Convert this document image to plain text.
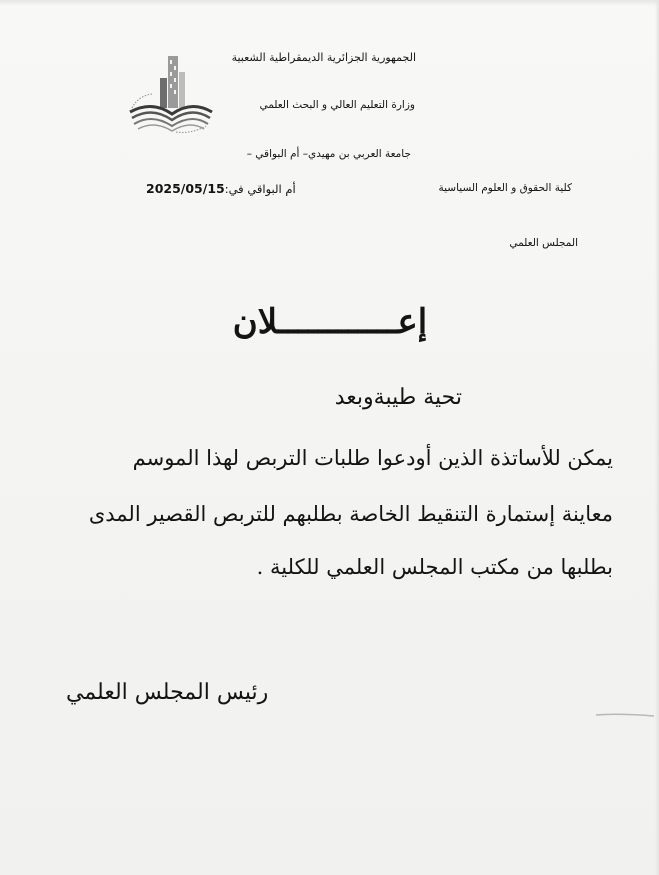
الجمهورية الجزائرية الديمقراطية الشعبية
وزارة التعليم العالي و البحث العلمي
جامعة العربي بن مهيدي– أم البواقي –
كلية الحقوق و العلوم السياسية
أم البواقي في:2025/05/15
المجلس العلمي
إعــــــــــــلان
تحية طيبةوبعد
يمكن للأساتذة الذين أودعوا طلبات التربص لهذا الموسم
معاينة إستمارة التنقيط الخاصة بطلبهم للتربص القصير المدى
بطلبها من مكتب المجلس العلمي للكلية .
رئيس المجلس العلمي
